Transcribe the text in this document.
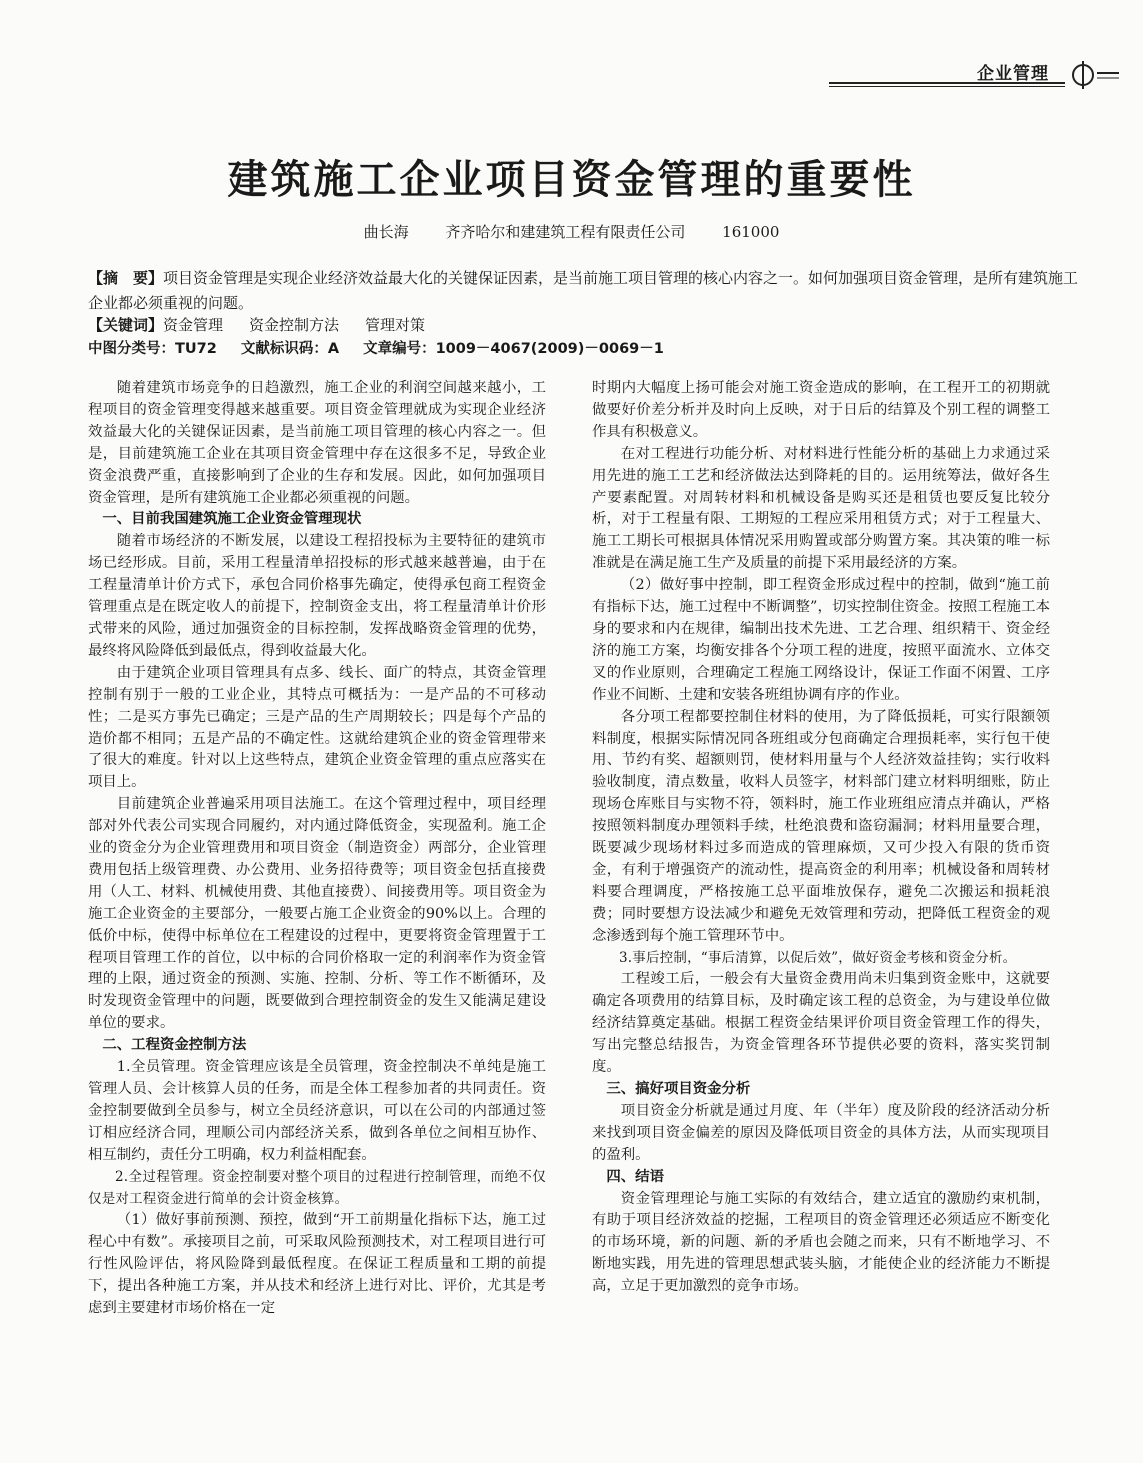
企业管理
建筑施工企业项目资金管理的重要性
曲长海 齐齐哈尔和建建筑工程有限责任公司 161000
【摘　要】项目资金管理是实现企业经济效益最大化的关键保证因素，是当前施工项目管理的核心内容之一。如何加强项目资金管理，是所有建筑施工企业都必须重视的问题。
【关键词】资金管理 资金控制方法 管理对策
中图分类号：TU72 文献标识码：A 文章编号：1009－4067(2009)－0069－1

随着建筑市场竞争的日趋激烈，施工企业的利润空间越来越小，工程项目的资金管理变得越来越重要。项目资金管理就成为实现企业经济效益最大化的关键保证因素，是当前施工项目管理的核心内容之一。但是，目前建筑施工企业在其项目资金管理中存在这很多不足，导致企业资金浪费严重，直接影响到了企业的生存和发展。因此，如何加强项目资金管理，是所有建筑施工企业都必须重视的问题。

一、目前我国建筑施工企业资金管理现状

随着市场经济的不断发展，以建设工程招投标为主要特征的建筑市场已经形成。目前，采用工程量清单招投标的形式越来越普遍，由于在工程量清单计价方式下，承包合同价格事先确定，使得承包商工程资金管理重点是在既定收人的前提下，控制资金支出，将工程量清单计价形式带来的风险，通过加强资金的目标控制，发挥战略资金管理的优势，最终将风险降低到最低点，得到收益最大化。

由于建筑企业项目管理具有点多、线长、面广的特点，其资金管理控制有别于一般的工业企业，其特点可概括为：一是产品的不可移动性；二是买方事先已确定；三是产品的生产周期较长；四是每个产品的造价都不相同；五是产品的不确定性。这就给建筑企业的资金管理带来了很大的难度。针对以上这些特点，建筑企业资金管理的重点应落实在项目上。

目前建筑企业普遍采用项目法施工。在这个管理过程中，项目经理部对外代表公司实现合同履约，对内通过降低资金，实现盈利。施工企业的资金分为企业管理费用和项目资金（制造资金）两部分，企业管理费用包括上级管理费、办公费用、业务招待费等；项目资金包括直接费用（人工、材料、机械使用费、其他直接费）、间接费用等。项目资金为施工企业资金的主要部分，一般要占施工企业资金的90%以上。合理的低价中标，使得中标单位在工程建设的过程中，更要将资金管理置于工程项目管理工作的首位，以中标的合同价格取一定的利润率作为资金管理的上限，通过资金的预测、实施、控制、分析、等工作不断循环，及时发现资金管理中的问题，既要做到合理控制资金的发生又能满足建设单位的要求。

二、工程资金控制方法

1.全员管理。资金管理应该是全员管理，资金控制决不单纯是施工管理人员、会计核算人员的任务，而是全体工程参加者的共同责任。资金控制要做到全员参与，树立全员经济意识，可以在公司的内部通过签订相应经济合同，理顺公司内部经济关系，做到各单位之间相互协作、相互制约，责任分工明确，权力利益相配套。

2.全过程管理。资金控制要对整个项目的过程进行控制管理，而绝不仅仅是对工程资金进行简单的会计资金核算。

（1）做好事前预测、预控，做到“开工前期量化指标下达，施工过程心中有数”。承接项目之前，可采取风险预测技术，对工程项目进行可行性风险评估，将风险降到最低程度。在保证工程质量和工期的前提下，提出各种施工方案，并从技术和经济上进行对比、评价，尤其是考虑到主要建材市场价格在一定

时期内大幅度上扬可能会对施工资金造成的影响，在工程开工的初期就做要好价差分析并及时向上反映，对于日后的结算及个别工程的调整工作具有积极意义。

在对工程进行功能分析、对材料进行性能分析的基础上力求通过采用先进的施工工艺和经济做法达到降耗的目的。运用统筹法，做好各生产要素配置。对周转材料和机械设备是购买还是租赁也要反复比较分析，对于工程量有限、工期短的工程应采用租赁方式；对于工程量大、施工工期长可根据具体情况采用购置或部分购置方案。其决策的唯一标准就是在满足施工生产及质量的前提下采用最经济的方案。

（2）做好事中控制，即工程资金形成过程中的控制，做到“施工前有指标下达，施工过程中不断调整”，切实控制住资金。按照工程施工本身的要求和内在规律，编制出技术先进、工艺合理、组织精干、资金经济的施工方案，均衡安排各个分项工程的进度，按照平面流水、立体交叉的作业原则，合理确定工程施工网络设计，保证工作面不闲置、工序作业不间断、土建和安装各班组协调有序的作业。

各分项工程都要控制住材料的使用，为了降低损耗，可实行限额领料制度，根据实际情况同各班组或分包商确定合理损耗率，实行包干使用、节约有奖、超额则罚，使材料用量与个人经济效益挂钩；实行收料验收制度，清点数量，收料人员签字，材料部门建立材料明细账，防止现场仓库账目与实物不符，领料时，施工作业班组应清点并确认，严格按照领料制度办理领料手续，杜绝浪费和盗窃漏洞；材料用量要合理，既要减少现场材料过多而造成的管理麻烦，又可少投入有限的货币资金，有利于增强资产的流动性，提高资金的利用率；机械设备和周转材料要合理调度，严格按施工总平面堆放保存，避免二次搬运和损耗浪费；同时要想方设法减少和避免无效管理和劳动，把降低工程资金的观念渗透到每个施工管理环节中。

3.事后控制，“事后清算，以促后效”，做好资金考核和资金分析。

工程竣工后，一般会有大量资金费用尚未归集到资金账中，这就要确定各项费用的结算目标，及时确定该工程的总资金，为与建设单位做经济结算奠定基础。根据工程资金结果评价项目资金管理工作的得失，写出完整总结报告，为资金管理各环节提供必要的资料，落实奖罚制度。

三、搞好项目资金分析

项目资金分析就是通过月度、年（半年）度及阶段的经济活动分析来找到项目资金偏差的原因及降低项目资金的具体方法，从而实现项目的盈利。

四、结语

资金管理理论与施工实际的有效结合，建立适宜的激励约束机制，有助于项目经济效益的挖掘，工程项目的资金管理还必须适应不断变化的市场环境，新的问题、新的矛盾也会随之而来，只有不断地学习、不断地实践，用先进的管理思想武装头脑，才能使企业的经济能力不断提高，立足于更加激烈的竞争市场。
